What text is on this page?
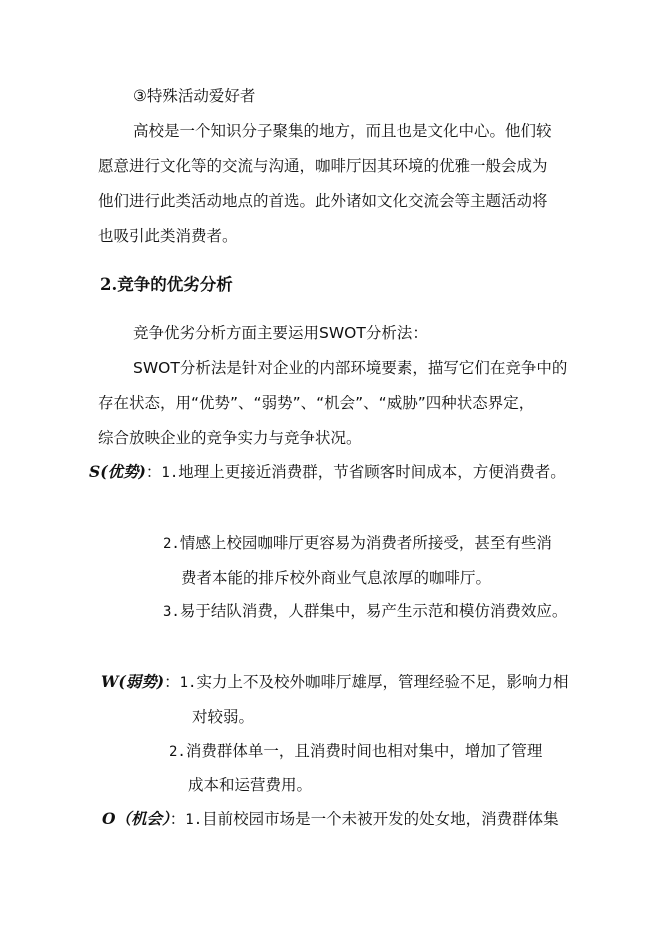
③特殊活动爱好者
高校是一个知识分子聚集的地方，而且也是文化中心。他们较
愿意进行文化等的交流与沟通，咖啡厅因其环境的优雅一般会成为
他们进行此类活动地点的首选。此外诸如文化交流会等主题活动将
也吸引此类消费者。
2.竞争的优劣分析
竞争优劣分析方面主要运用SWOT分析法：
SWOT分析法是针对企业的内部环境要素，描写它们在竞争中的
存在状态，用“优势”、“弱势”、“机会”、“威胁”四种状态界定，
综合放映企业的竞争实力与竞争状况。
S(优势)：1.地理上更接近消费群，节省顾客时间成本，方便消费者。
2.情感上校园咖啡厅更容易为消费者所接受，甚至有些消
费者本能的排斥校外商业气息浓厚的咖啡厅。
3.易于结队消费，人群集中，易产生示范和模仿消费效应。
W(弱势)：1.实力上不及校外咖啡厅雄厚，管理经验不足，影响力相
对较弱。
2.消费群体单一，且消费时间也相对集中，增加了管理
成本和运营费用。
O（机会）：1.目前校园市场是一个未被开发的处女地，消费群体集
